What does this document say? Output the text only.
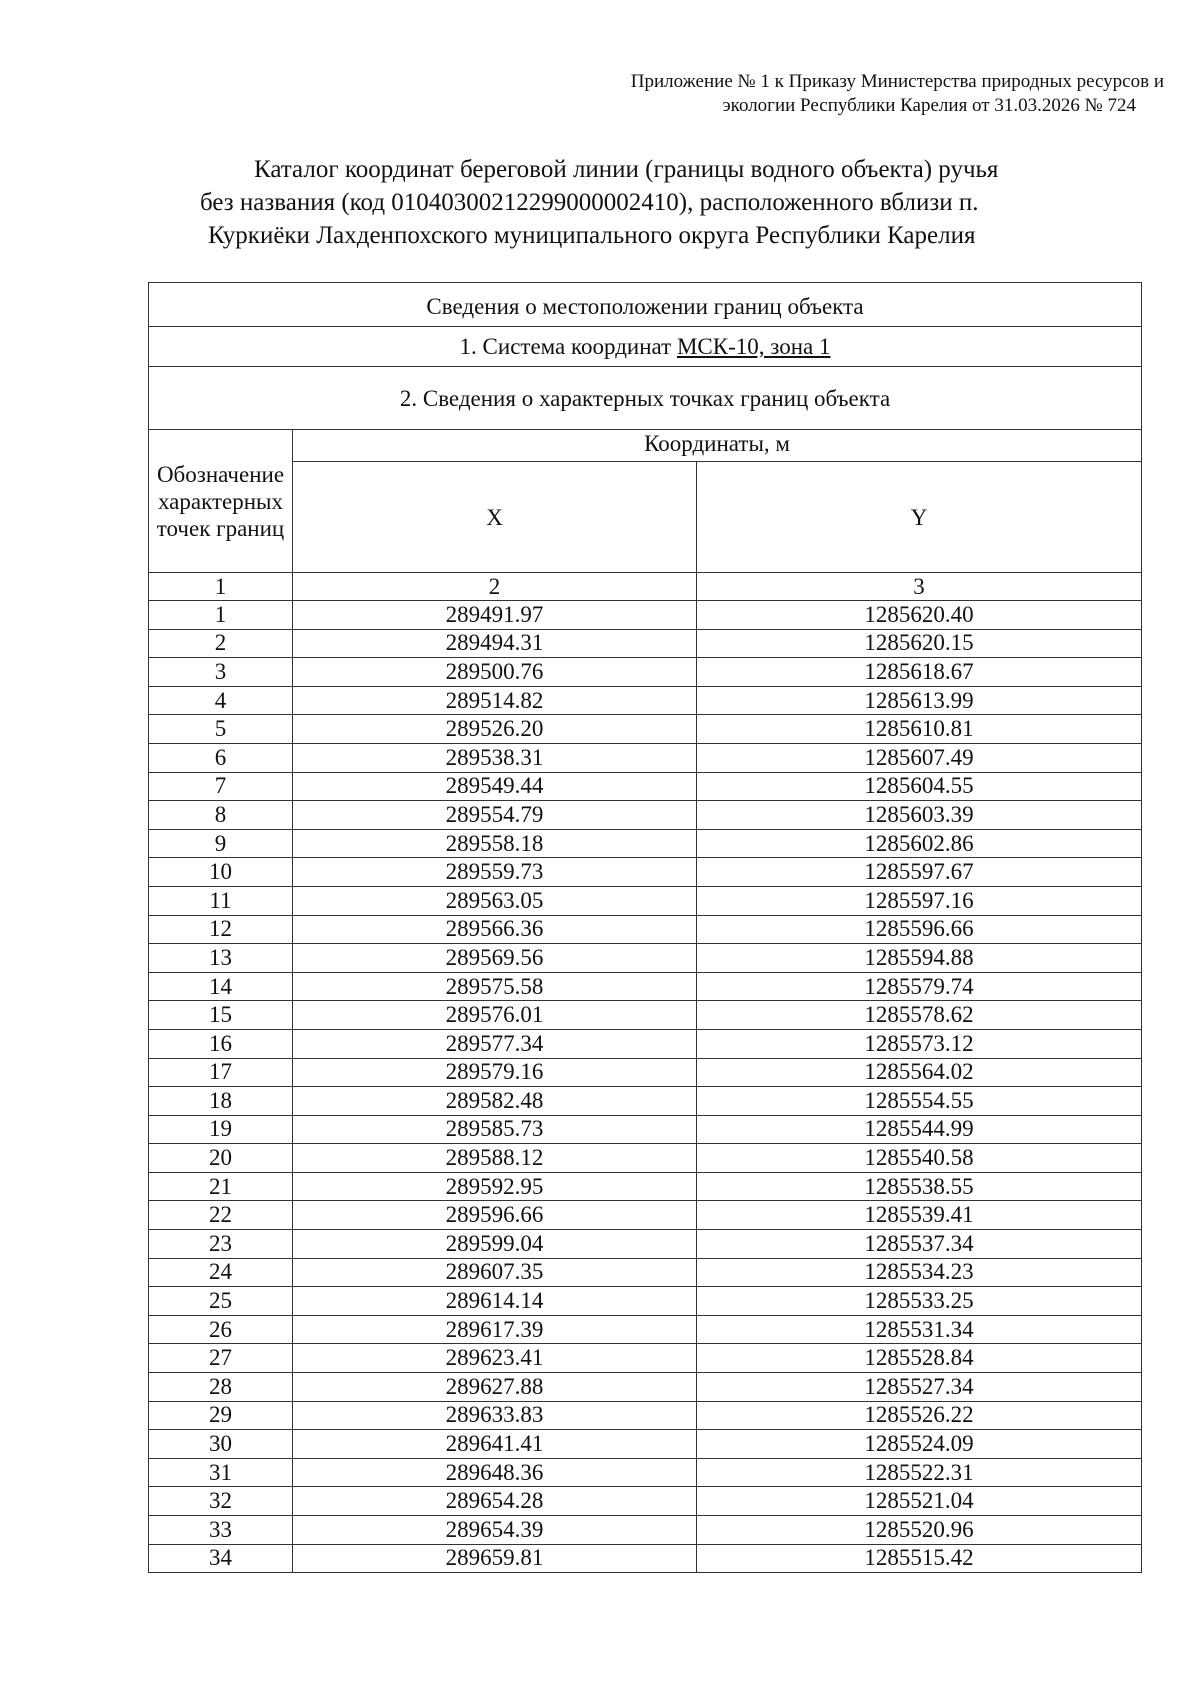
Приложение № 1 к Приказу Министерства природных ресурсов и
экологии Республики Карелия от 31.03.2026 № 724
Каталог координат береговой линии (границы водного объекта) ручья
без названия (код 01040300212299000002410), расположенного вблизи п.
Куркиёки Лахденпохского муниципального округа Республики Карелия
Сведения о местоположении границ объекта		
1. Система координат МСК-10, зона 1		
2. Сведения о характерных точках границ объекта		
Обозначение характерных точек границ	Координаты, м	
	X	Y
1	2	3
1	289491.97	1285620.40
2	289494.31	1285620.15
3	289500.76	1285618.67
4	289514.82	1285613.99
5	289526.20	1285610.81
6	289538.31	1285607.49
7	289549.44	1285604.55
8	289554.79	1285603.39
9	289558.18	1285602.86
10	289559.73	1285597.67
11	289563.05	1285597.16
12	289566.36	1285596.66
13	289569.56	1285594.88
14	289575.58	1285579.74
15	289576.01	1285578.62
16	289577.34	1285573.12
17	289579.16	1285564.02
18	289582.48	1285554.55
19	289585.73	1285544.99
20	289588.12	1285540.58
21	289592.95	1285538.55
22	289596.66	1285539.41
23	289599.04	1285537.34
24	289607.35	1285534.23
25	289614.14	1285533.25
26	289617.39	1285531.34
27	289623.41	1285528.84
28	289627.88	1285527.34
29	289633.83	1285526.22
30	289641.41	1285524.09
31	289648.36	1285522.31
32	289654.28	1285521.04
33	289654.39	1285520.96
34	289659.81	1285515.42
